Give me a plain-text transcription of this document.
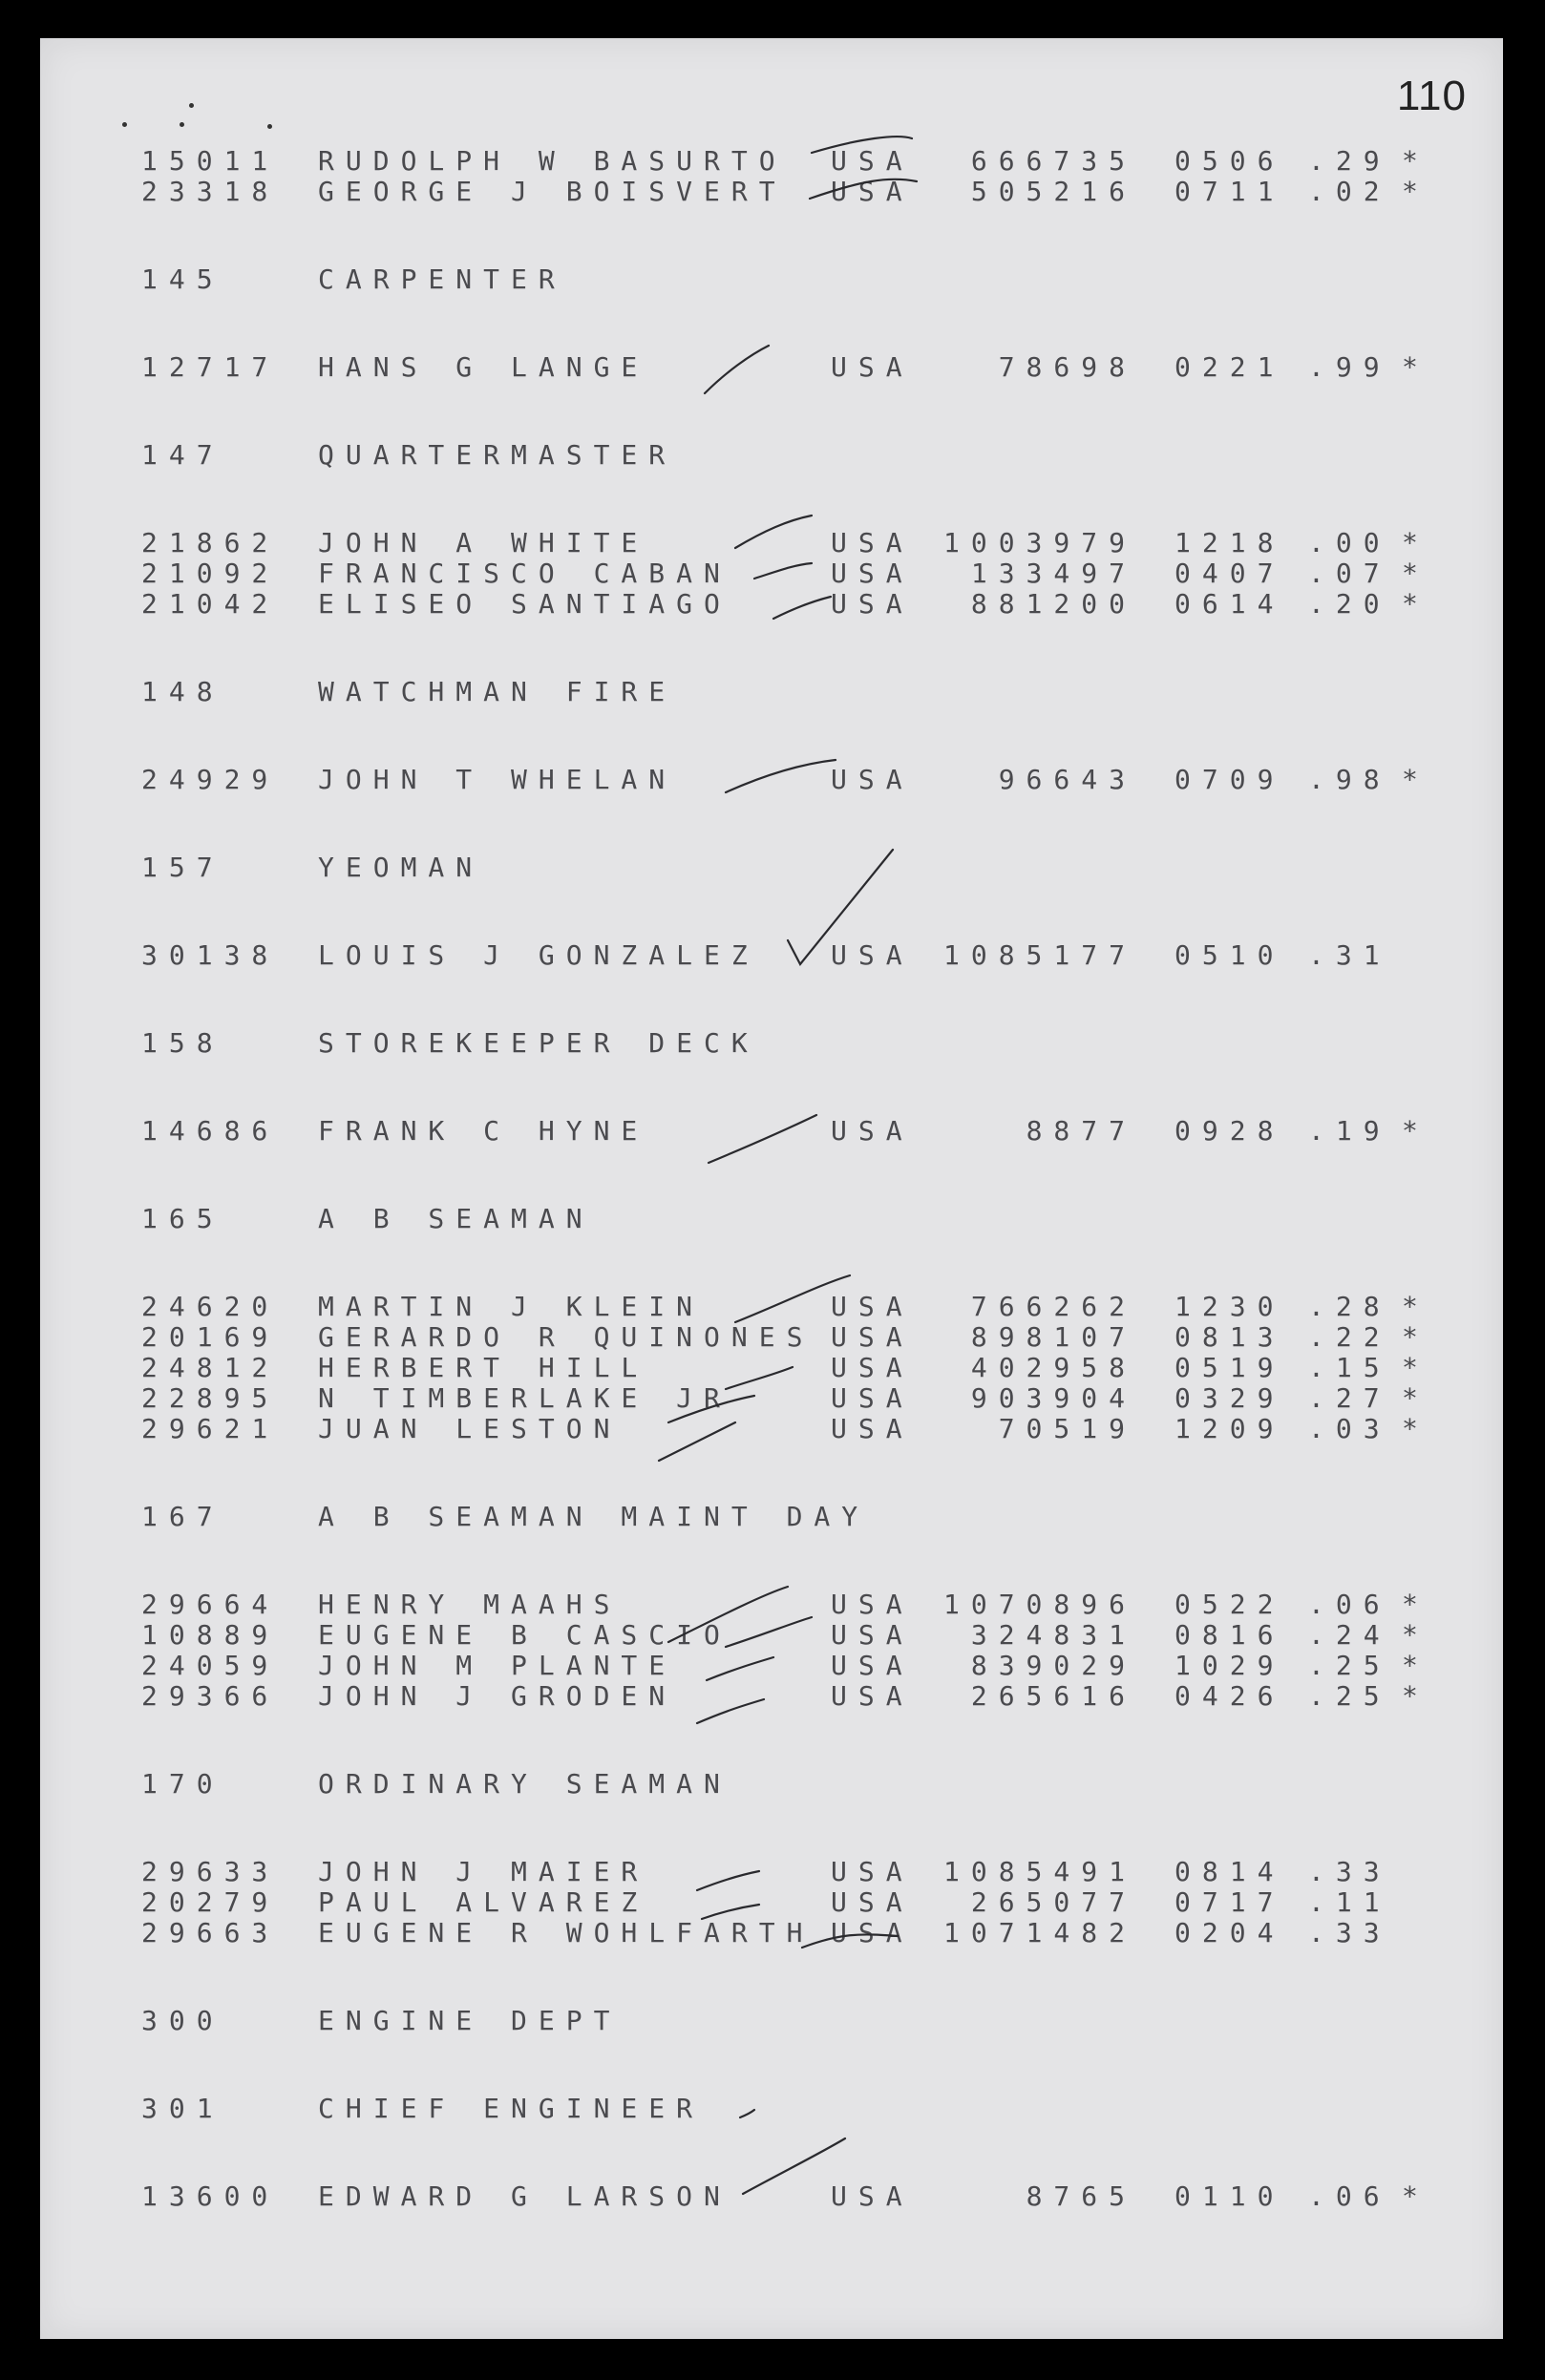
110
15011 RUDOLPH W BASURTO USA 666735 0506 .29 *
23318 GEORGE J BOISVERT USA 505216 0711 .02 *
145	CARPENTER
12717 HANS G LANGE	USA	78698 0221 .99 *
147	QUARTERMASTER
21862 JOHN A WHITE	USA 1003979 1218 .00 *
21092 FRANCISCO CABAN	USA 133497 0407 .07 *
21042 ELISEO SANTIAGO	USA 881200 0614 .20 *
148	WATCHMAN FIRE
24929 JOHN T WHELAN	USA	96643 0709 .98 *
157	YEOMAN
30138 LOUIS J GONZALEZ	USA 1085177 0510 .31
158	STOREKEEPER DECK
14686 FRANK C HYNE	USA	8877 0928 .19 *
165	A B SEAMAN
24620 MARTIN J KLEIN	USA 766262 1230 .28 *
20169 GERARDO R QUINONES USA 898107 0813 .22 *
24812 HERBERT HILL	USA 402958 0519 .15 *
22895 N TIMBERLAKE JR	USA 903904 0329 .27 *
29621 JUAN LESTON	USA	70519 1209 .03 *
167	A B SEAMAN MAINT DAY
29664 HENRY MAAHS	USA 1070896 0522 .06 *
10889 EUGENE B CASCIO	USA 324831 0816 .24 *
24059 JOHN M PLANTE	USA 839029 1029 .25 *
29366 JOHN J GRODEN	USA 265616 0426 .25 *
170	ORDINARY SEAMAN
29633 JOHN J MAIER	USA 1085491 0814 .33
20279 PAUL ALVAREZ	USA 265077 0717 .11
29663 EUGENE R WOHLFARTH USA 1071482 0204 .33
300	ENGINE DEPT
301	CHIEF ENGINEER
13600 EDWARD G LARSON	USA	8765 0110 .06 *
